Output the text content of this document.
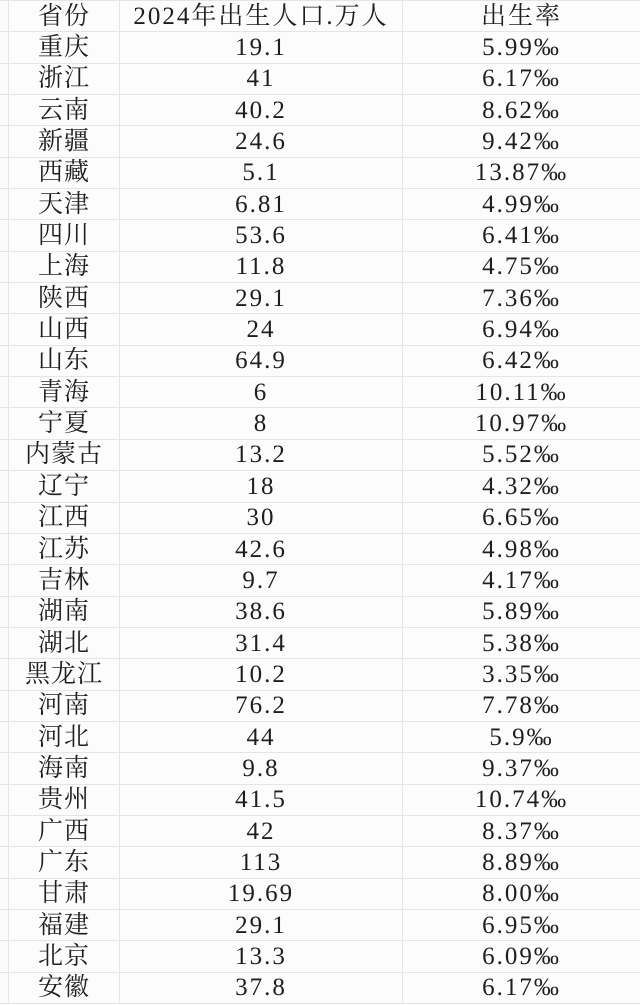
省份	2024年出生人口.万人	出生率
重庆	19.1	5.99‰
浙江	41	6.17‰
云南	40.2	8.62‰
新疆	24.6	9.42‰
西藏	5.1	13.87‰
天津	6.81	4.99‰
四川	53.6	6.41‰
上海	11.8	4.75‰
陕西	29.1	7.36‰
山西	24	6.94‰
山东	64.9	6.42‰
青海	6	10.11‰
宁夏	8	10.97‰
内蒙古	13.2	5.52‰
辽宁	18	4.32‰
江西	30	6.65‰
江苏	42.6	4.98‰
吉林	9.7	4.17‰
湖南	38.6	5.89‰
湖北	31.4	5.38‰
黑龙江	10.2	3.35‰
河南	76.2	7.78‰
河北	44	5.9‰
海南	9.8	9.37‰
贵州	41.5	10.74‰
广西	42	8.37‰
广东	113	8.89‰
甘肃	19.69	8.00‰
福建	29.1	6.95‰
北京	13.3	6.09‰
安徽	37.8	6.17‰
